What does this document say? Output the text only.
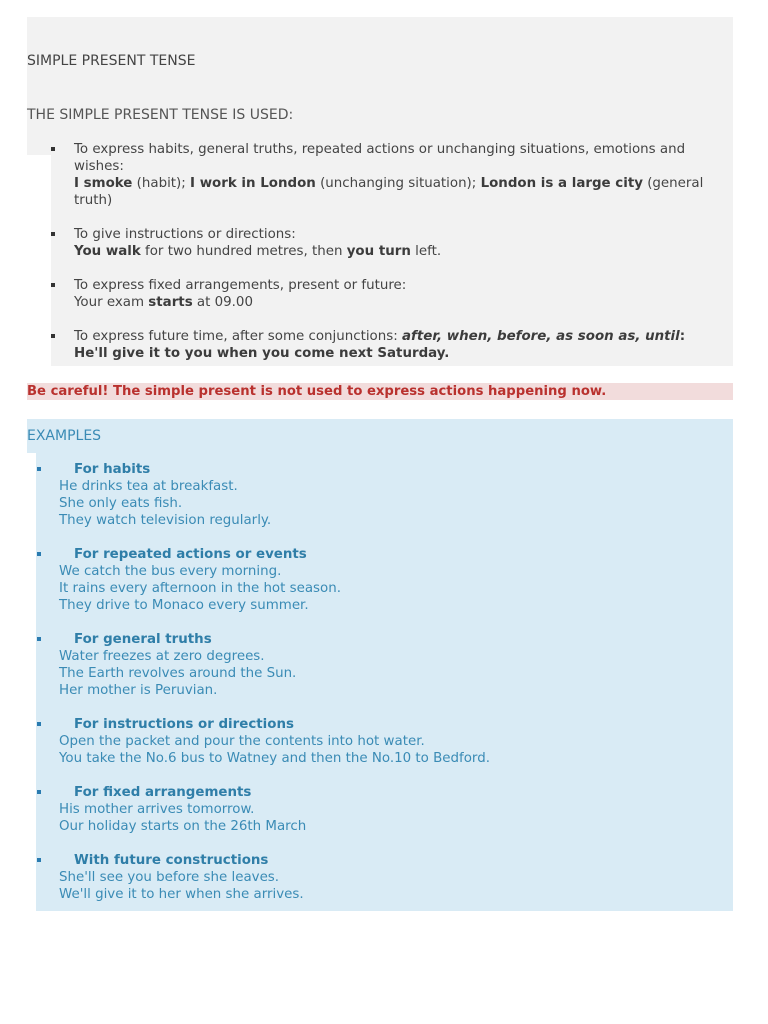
SIMPLE PRESENT TENSE
THE SIMPLE PRESENT TENSE IS USED:
To express habits, general truths, repeated actions or unchanging situations, emotions and wishes:
I smoke (habit); I work in London (unchanging situation); London is a large city (general truth)
To give instructions or directions:
You walk for two hundred metres, then you turn left.
To express fixed arrangements, present or future:
Your exam starts at 09.00
To express future time, after some conjunctions: after, when, before, as soon as, until:
He'll give it to you when you come next Saturday.

Be careful! The simple present is not used to express actions happening now.

EXAMPLES
For habits
He drinks tea at breakfast.
She only eats fish.
They watch television regularly.
For repeated actions or events
We catch the bus every morning.
It rains every afternoon in the hot season.
They drive to Monaco every summer.
For general truths
Water freezes at zero degrees.
The Earth revolves around the Sun.
Her mother is Peruvian.
For instructions or directions
Open the packet and pour the contents into hot water.
You take the No.6 bus to Watney and then the No.10 to Bedford.
For fixed arrangements
His mother arrives tomorrow.
Our holiday starts on the 26th March
With future constructions
She'll see you before she leaves.
We'll give it to her when she arrives.
